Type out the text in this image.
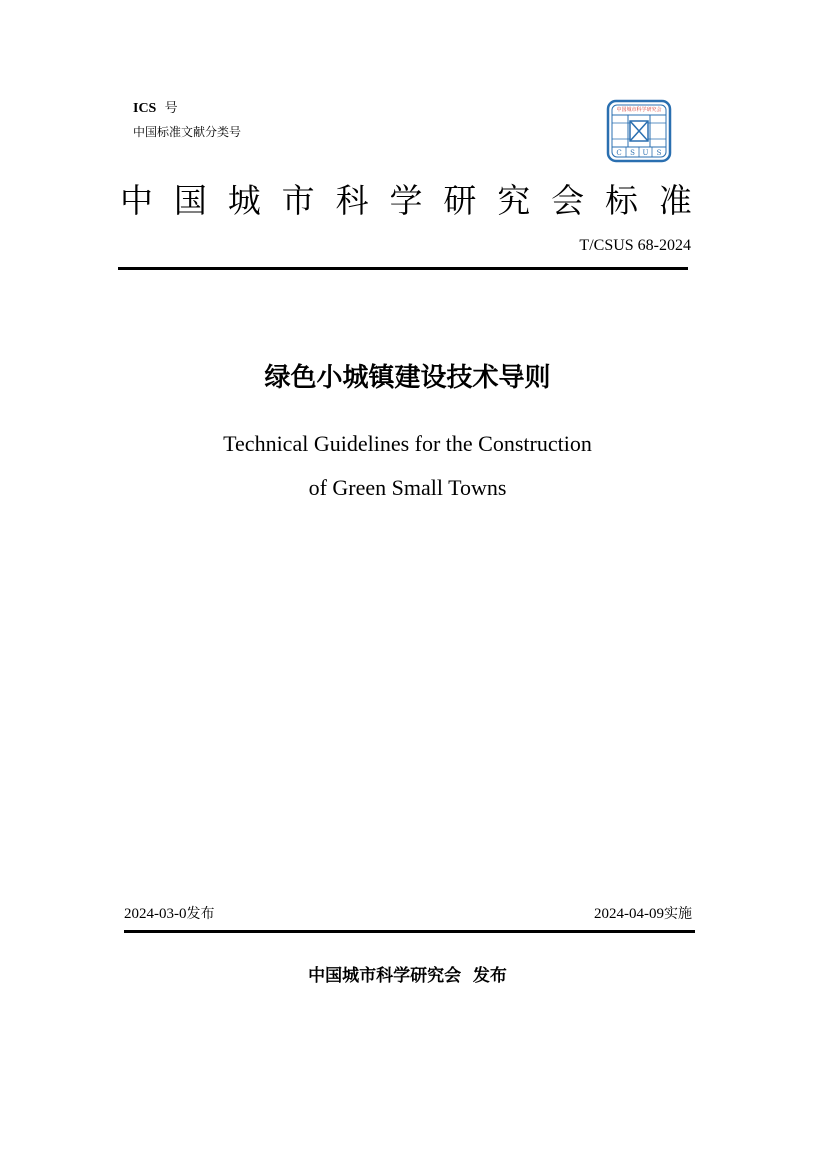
ICS 号
中国标准文献分类号
中国城市科学研究会
C S U S
中 国 城 市 科 学 研 究 会 标 准
T/CSUS 68-2024
绿色小城镇建设技术导则
Technical Guidelines for the Construction
of Green Small Towns
2024-03-0发布	2024-04-09实施
中国城市科学研究会  发布
